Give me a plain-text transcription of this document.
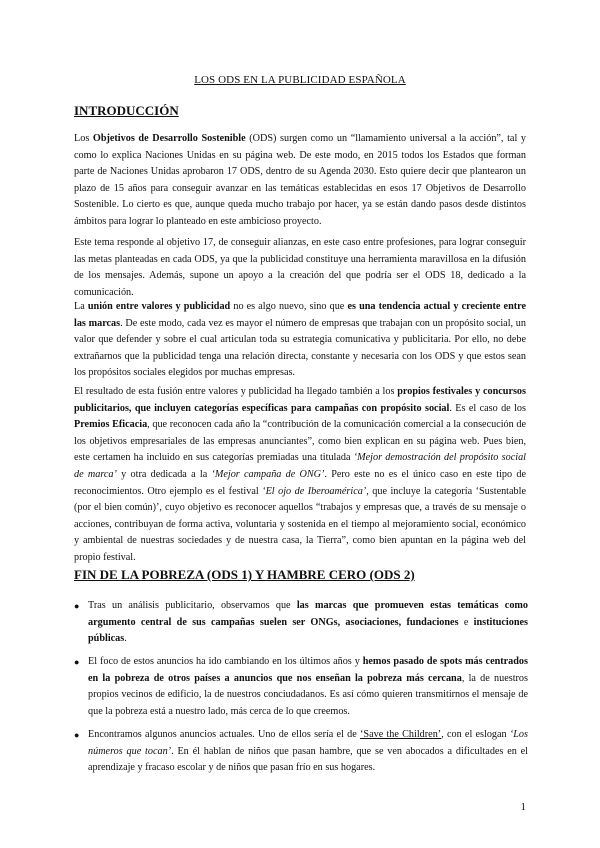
LOS ODS EN LA PUBLICIDAD ESPAÑOLA
INTRODUCCIÓN

Los Objetivos de Desarrollo Sostenible (ODS) surgen como un “llamamiento universal a la acción”, tal y como lo explica Naciones Unidas en su página web. De este modo, en 2015 todos los Estados que forman parte de Naciones Unidas aprobaron 17 ODS, dentro de su Agenda 2030. Esto quiere decir que plantearon un plazo de 15 años para conseguir avanzar en las temáticas establecidas en esos 17 Objetivos de Desarrollo Sostenible. Lo cierto es que, aunque queda mucho trabajo por hacer, ya se están dando pasos desde distintos ámbitos para lograr lo planteado en este ambicioso proyecto.

Este tema responde al objetivo 17, de conseguir alianzas, en este caso entre profesiones, para lograr conseguir las metas planteadas en cada ODS, ya que la publicidad constituye una herramienta maravillosa en la difusión de los mensajes. Además, supone un apoyo a la creación del que podría ser el ODS 18, dedicado a la comunicación.

La unión entre valores y publicidad no es algo nuevo, sino que es una tendencia actual y creciente entre las marcas. De este modo, cada vez es mayor el número de empresas que trabajan con un propósito social, un valor que defender y sobre el cual articulan toda su estrategia comunicativa y publicitaria. Por ello, no debe extrañarnos que la publicidad tenga una relación directa, constante y necesaria con los ODS y que estos sean los propósitos sociales elegidos por muchas empresas.

El resultado de esta fusión entre valores y publicidad ha llegado también a los propios festivales y concursos publicitarios, que incluyen categorías específicas para campañas con propósito social. Es el caso de los Premios Eficacia, que reconocen cada año la “contribución de la comunicación comercial a la consecución de los objetivos empresariales de las empresas anunciantes”, como bien explican en su página web. Pues bien, este certamen ha incluido en sus categorías premiadas una titulada ‘Mejor demostración del propósito social de marca’ y otra dedicada a la ‘Mejor campaña de ONG’. Pero este no es el único caso en este tipo de reconocimientos. Otro ejemplo es el festival ‘El ojo de Iberoamérica’, que incluye la categoría ‘Sustentable (por el bien común)’, cuyo objetivo es reconocer aquellos “trabajos y empresas que, a través de su mensaje o acciones, contribuyan de forma activa, voluntaria y sostenida en el tiempo al mejoramiento social, económico y ambiental de nuestras sociedades y de nuestra casa, la Tierra”, como bien apuntan en la página web del propio festival.

FIN DE LA POBREZA (ODS 1) Y HAMBRE CERO (ODS 2)
● Tras un análisis publicitario, observamos que las marcas que promueven estas temáticas como argumento central de sus campañas suelen ser ONGs, asociaciones, fundaciones e instituciones públicas.
● El foco de estos anuncios ha ido cambiando en los últimos años y hemos pasado de spots más centrados en la pobreza de otros países a anuncios que nos enseñan la pobreza más cercana, la de nuestros propios vecinos de edificio, la de nuestros conciudadanos. Es así cómo quieren transmitirnos el mensaje de que la pobreza está a nuestro lado, más cerca de lo que creemos.
● Encontramos algunos anuncios actuales. Uno de ellos sería el de ‘Save the Children’, con el eslogan ‘Los números que tocan’. En él hablan de niños que pasan hambre, que se ven abocados a dificultades en el aprendizaje y fracaso escolar y de niños que pasan frío en sus hogares.
1
